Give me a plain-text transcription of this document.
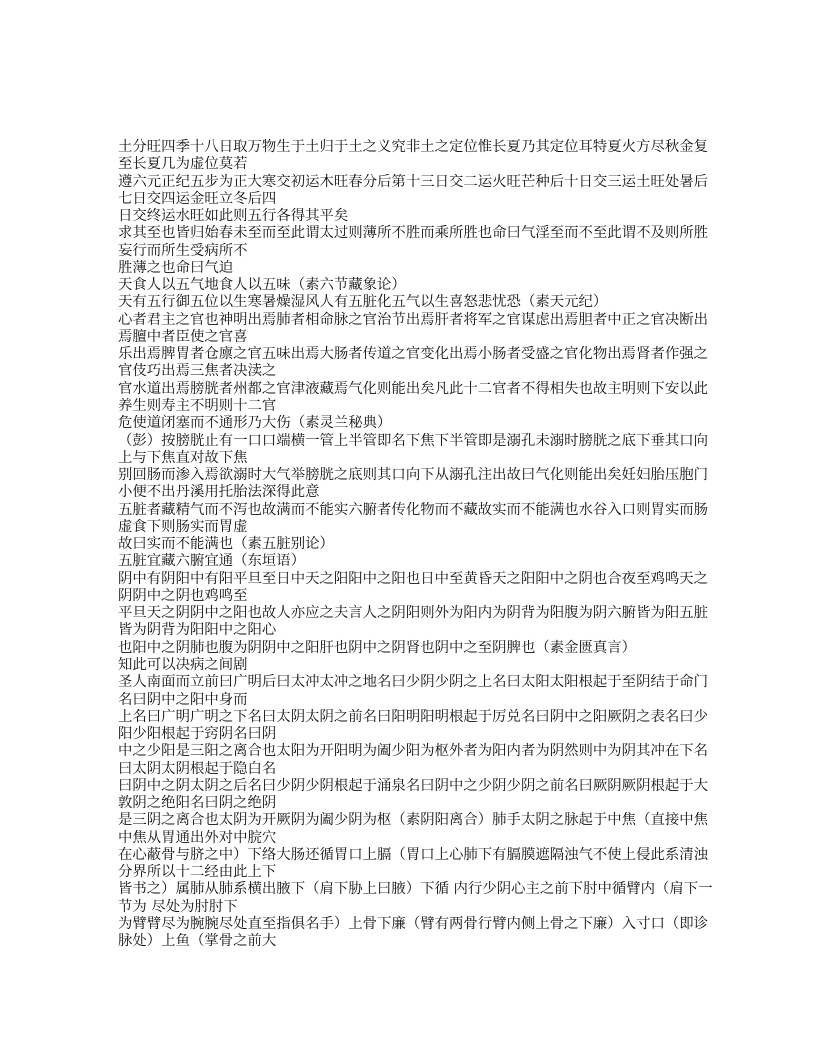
土分旺四季十八日取万物生于土归于土之义究非土之定位惟长夏乃其定位耳特夏火方尽秋金复
至长夏几为虚位莫若
遵六元正纪五步为正大寒交初运木旺春分后第十三日交二运火旺芒种后十日交三运土旺处暑后
七日交四运金旺立冬后四
日交终运水旺如此则五行各得其平矣
求其至也皆归始春未至而至此谓太过则薄所不胜而乘所胜也命曰气淫至而不至此谓不及则所胜
妄行而所生受病所不
胜薄之也命曰气迫
天食人以五气地食人以五味（素六节藏象论）
天有五行御五位以生寒暑燥湿风人有五脏化五气以生喜怒悲忧恐（素天元纪）
心者君主之官也神明出焉肺者相命脉之官治节出焉肝者将军之官谋虑出焉胆者中正之官决断出
焉膻中者臣使之官喜
乐出焉脾胃者仓廪之官五味出焉大肠者传道之官变化出焉小肠者受盛之官化物出焉肾者作强之
官伎巧出焉三焦者决渎之
官水道出焉膀胱者州都之官津液藏焉气化则能出矣凡此十二官者不得相失也故主明则下安以此
养生则寿主不明则十二官
危使道闭塞而不通形乃大伤（素灵兰秘典）
（彭）按膀胱止有一口口端横一管上半管即名下焦下半管即是溺孔未溺时膀胱之底下垂其口向
上与下焦直对故下焦
别回肠而渗入焉欲溺时大气举膀胱之底则其口向下从溺孔注出故曰气化则能出矣妊妇胎压胞门
小便不出丹溪用托胎法深得此意
五脏者藏精气而不泻也故满而不能实六腑者传化物而不藏故实而不能满也水谷入口则胃实而肠
虚食下则肠实而胃虚
故曰实而不能满也（素五脏别论）
五脏宜藏六腑宜通（东垣语）
阴中有阴阳中有阳平旦至日中天之阳阳中之阳也日中至黄昏天之阳阳中之阴也合夜至鸡鸣天之
阴阴中之阴也鸡鸣至
平旦天之阴阴中之阳也故人亦应之夫言人之阴阳则外为阳内为阴背为阳腹为阴六腑皆为阳五脏
皆为阴背为阳阳中之阳心
也阳中之阴肺也腹为阴阴中之阳肝也阴中之阴肾也阴中之至阴脾也（素金匮真言）
知此可以决病之间剧
圣人南面而立前曰广明后曰太冲太冲之地名曰少阴少阴之上名曰太阳太阳根起于至阴结于命门
名曰阴中之阳中身而
上名曰广明广明之下名曰太阴太阴之前名曰阳明阳明根起于厉兑名曰阴中之阳厥阴之表名曰少
阳少阳根起于窍阴名曰阴
中之少阳是三阳之离合也太阳为开阳明为阖少阳为枢外者为阳内者为阴然则中为阴其冲在下名
曰太阴太阴根起于隐白名
曰阴中之阴太阴之后名曰少阴少阴根起于涌泉名曰阴中之少阴少阴之前名曰厥阴厥阴根起于大
敦阴之绝阳名曰阴之绝阴
是三阴之离合也太阴为开厥阴为阖少阴为枢（素阴阳离合）肺手太阴之脉起于中焦（直接中焦
中焦从胃通出外对中脘穴
在心蔽骨与脐之中）下络大肠还循胃口上膈（胃口上心肺下有膈膜遮隔浊气不使上侵此系清浊
分界所以十二经由此上下
皆书之）属肺从肺系横出腋下（肩下胁上曰腋）下循 内行少阴心主之前下肘中循臂内（肩下一
节为 尽处为肘肘下
为臂臂尽为腕腕尽处直至指俱名手）上骨下廉（臂有两骨行臂内侧上骨之下廉）入寸口（即诊
脉处）上鱼（掌骨之前大
